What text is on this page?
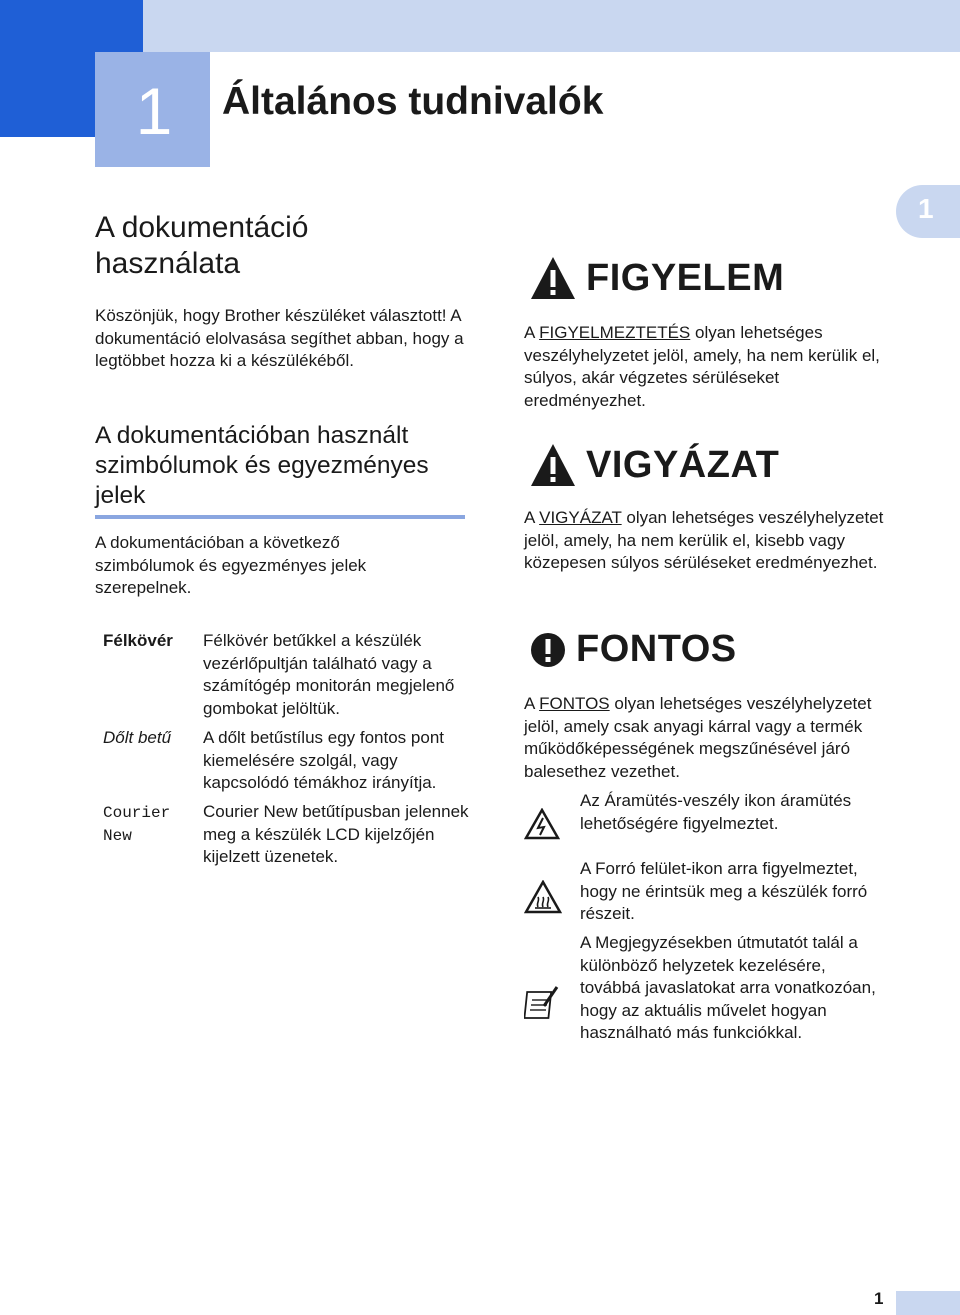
1	Általános tudnivalók
1
A dokumentáció használata
Köszönjük, hogy Brother készüléket választott! A dokumentáció elolvasása segíthet abban, hogy a legtöbbet hozza ki a készülékéből.
A dokumentációban használt szimbólumok és egyezményes jelek
A dokumentációban a következő szimbólumok és egyezményes jelek szerepelnek.
Félkövér Félkövér betűkkel a készülék vezérlőpultján található vagy a számítógép monitorán megjelenő gombokat jelöltük.
Dőlt betű A dőlt betűstílus egy fontos pont kiemelésére szolgál, vagy kapcsolódó témákhoz irányítja.
Courier New
Courier New betűtípusban jelennek meg a készülék LCD kijelzőjén kijelzett üzenetek.
FIGYELEM
A FIGYELMEZTETÉS olyan lehetséges veszélyhelyzetet jelöl, amely, ha nem kerülik el, súlyos, akár végzetes sérüléseket eredményezhet.
VIGYÁZAT
A VIGYÁZAT olyan lehetséges veszélyhelyzetet jelöl, amely, ha nem kerülik el, kisebb vagy közepesen súlyos sérüléseket eredményezhet.
FONTOS
A FONTOS olyan lehetséges veszélyhelyzetet jelöl, amely csak anyagi kárral vagy a termék működőképességének megszűnésével járó balesethez vezethet.
Az Áramütés-veszély ikon áramütés lehetőségére figyelmeztet.
A Forró felület-ikon arra figyelmeztet, hogy ne érintsük meg a készülék forró részeit.
A Megjegyzésekben útmutatót talál a különböző helyzetek kezelésére, továbbá javaslatokat arra vonatkozóan, hogy az aktuális művelet hogyan használható más funkciókkal.
1
